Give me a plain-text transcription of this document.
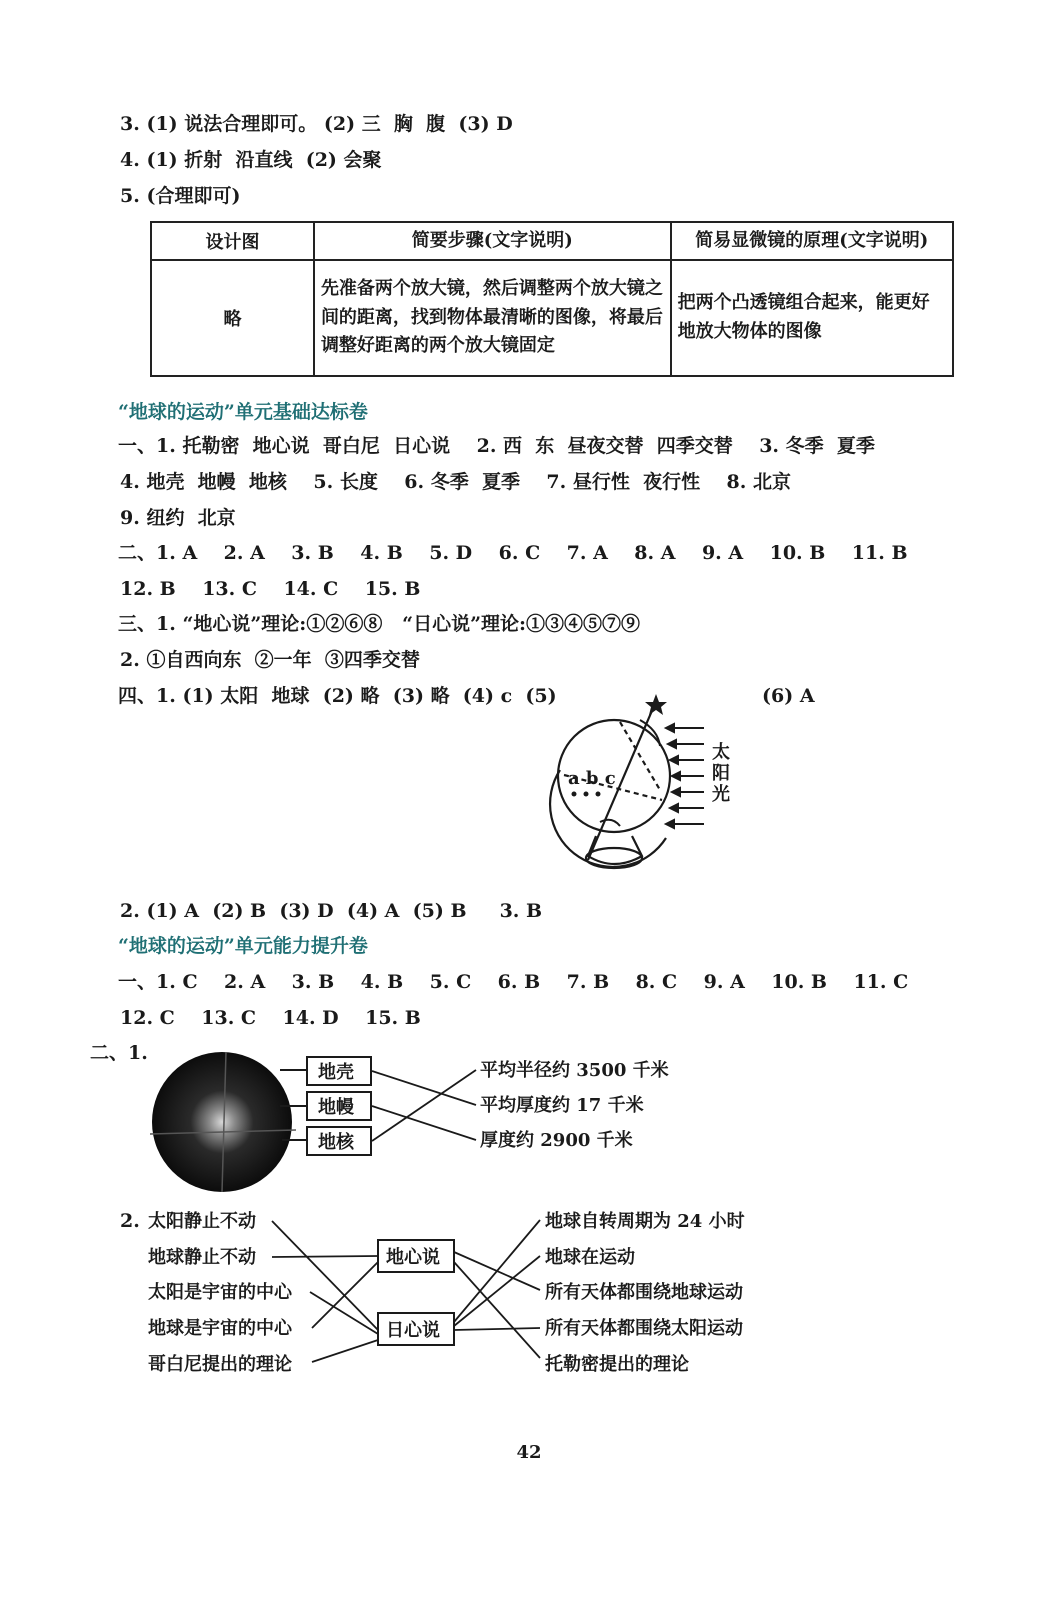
3. (1) 说法合理即可。 (2) 三  胸  腹  (3) D
4. (1) 折射  沿直线  (2) 会聚
5. (合理即可)
设计图	简要步骤(文字说明)	简易显微镜的原理(文字说明)
略	先准备两个放大镜，然后调整两个放大镜之间的距离，找到物体最清晰的图像，将最后调整好距离的两个放大镜固定	把两个凸透镜组合起来，能更好地放大物体的图像
“地球的运动”单元基础达标卷
一、1. 托勒密  地心说  哥白尼  日心说    2. 西  东  昼夜交替  四季交替    3. 冬季  夏季
4. 地壳  地幔  地核    5. 长度    6. 冬季  夏季    7. 昼行性  夜行性    8. 北京
9. 纽约  北京
二、1. A    2. A    3. B    4. B    5. D    6. C    7. A    8. A    9. A    10. B    11. B
12. B    13. C    14. C    15. B
三、1. “地心说”理论:①②⑥⑧   “日心说”理论:①③④⑤⑦⑨
2. ①自西向东  ②一年  ③四季交替
四、1. (1) 太阳  地球  (2) 略  (3) 略  (4) c  (5)	(6) A
2. (1) A  (2) B  (3) D  (4) A  (5) B     3. B
“地球的运动”单元能力提升卷
一、1. C    2. A    3. B    4. B    5. C    6. B    7. B    8. C    9. A    10. B    11. C
12. C    13. C    14. D    15. B
二、1.
2.
a b c
太
阳
光
地壳
地幔
地核
平均半径约 3500 千米
平均厚度约 17 千米
厚度约 2900 千米
太阳静止不动
地球静止不动
太阳是宇宙的中心
地球是宇宙的中心
哥白尼提出的理论
地心说
日心说
地球自转周期为 24 小时
地球在运动
所有天体都围绕地球运动
所有天体都围绕太阳运动
托勒密提出的理论
42
